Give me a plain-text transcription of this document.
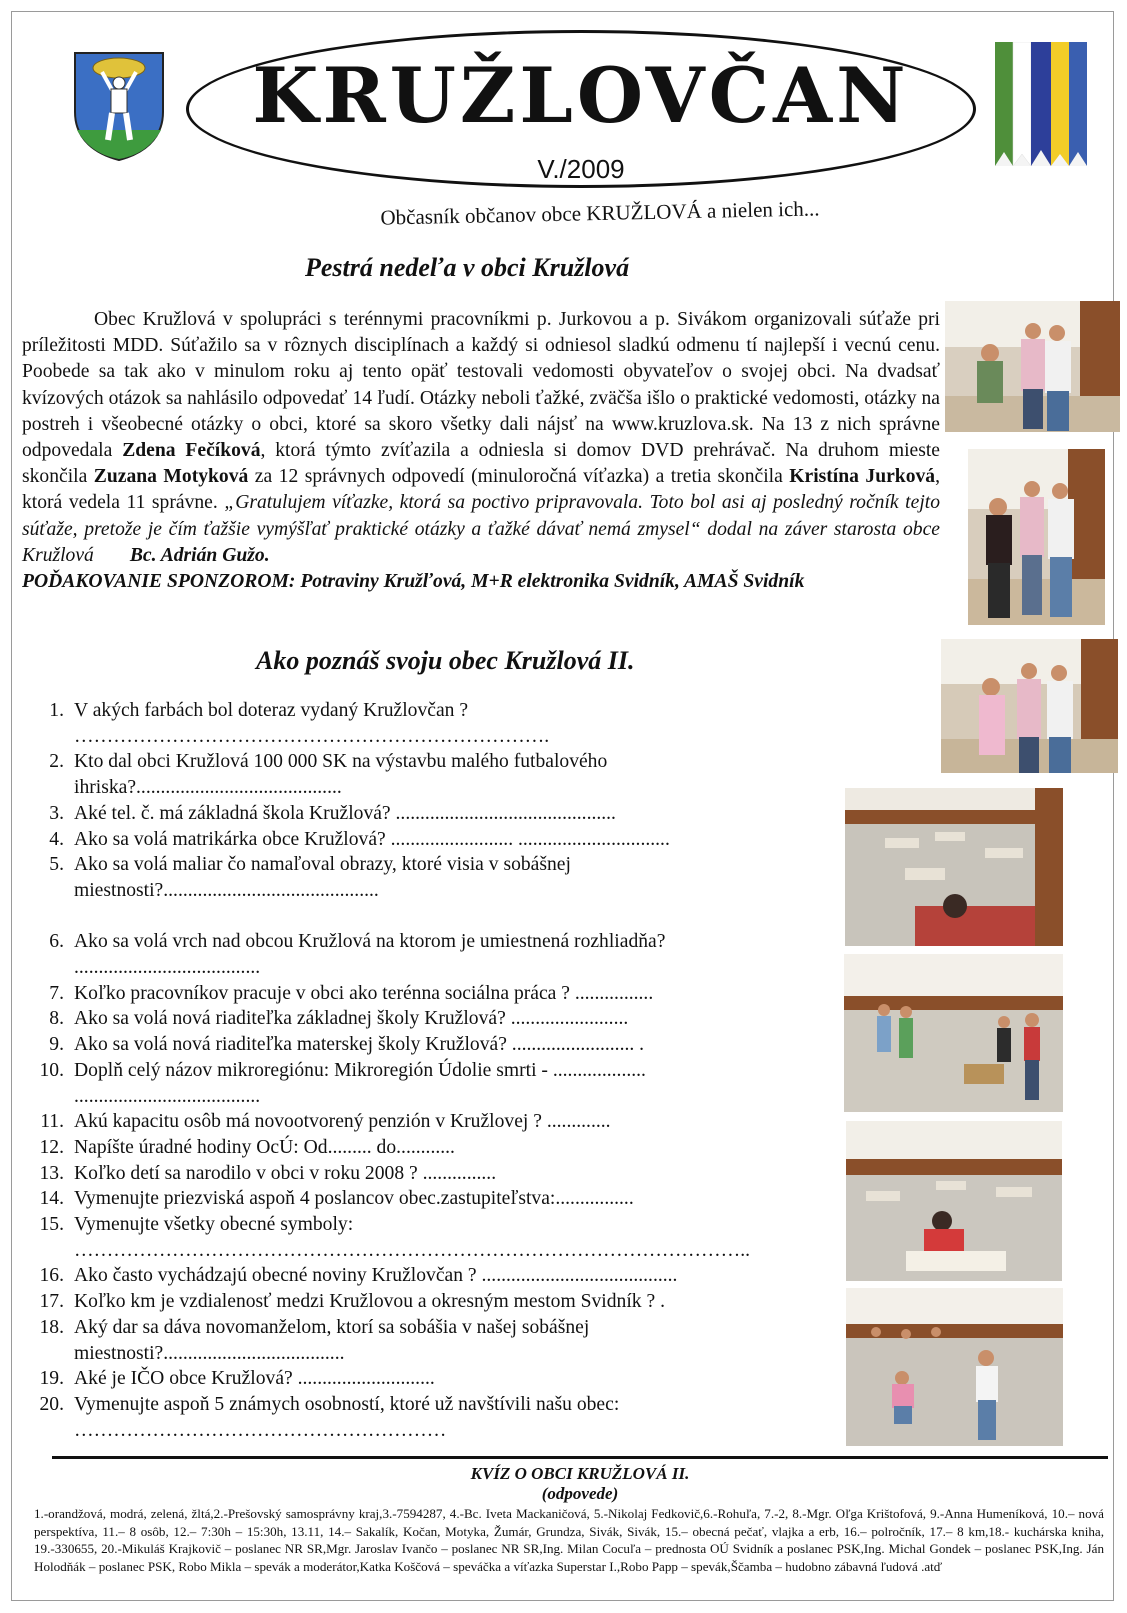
KRUŽLOVČAN
V./2009
Občasník občanov obce KRUŽLOVÁ a nielen ich...
Pestrá nedeľa v obci Kružlová

Obec Kružlová v spolupráci s terénnymi pracovníkmi p. Jurkovou a p. Sivákom organizovali súťaže pri príležitosti MDD. Súťažilo sa v rôznych disciplínach a každý si odniesol sladkú odmenu tí najlepší i vecnú cenu. Poobede sa tak ako v minulom roku aj tento opäť testovali vedomosti obyvateľov o svojej obci. Na dvadsať kvízových otázok sa nahlásilo odpovedať 14 ľudí. Otázky neboli ťažké, zväčša išlo o praktické vedomosti, otázky na postreh i všeobecné otázky o obci, ktoré sa skoro všetky dali nájsť na www.kruzlova.sk. Na 13 z nich správne odpovedala Zdena Fečíková, ktorá týmto zvíťazila a odniesla si domov DVD prehrávač. Na druhom mieste skončila Zuzana Motyková za 12 správnych odpovedí (minuloročná víťazka) a tretia skončila Kristína Jurková, ktorá vedela 11 správne. „Gratulujem víťazke, ktorá sa poctivo pripravovala. Toto bol asi aj posledný ročník tejto súťaže, pretože je čím ťažšie vymýšľať praktické otázky a ťažké dávať nemá zmysel“ dodal na záver starosta obce Kružlová Bc. Adrián Gužo.

POĎAKOVANIE SPONZOROM: Potraviny Kružľová, M+R elektronika Svidník, AMAŠ Svidník

Ako poznáš svoju obec Kružlová II.
1. V akých farbách bol doteraz vydaný Kružlovčan ?
……………………………………………………………….
2. Kto dal obci Kružlová 100 000 SK na výstavbu malého futbalového
ihriska?..........................................
3. Aké tel. č. má základná škola Kružlová? .............................................
4. Ako sa volá matrikárka obce Kružlová? ......................... ...............................
5. Ako sa volá maliar čo namaľoval obrazy, ktoré visia v sobášnej
miestnosti?............................................
6. Ako sa volá vrch nad obcou Kružlová na ktorom je umiestnená rozhliadňa?
......................................
7. Koľko pracovníkov pracuje v obci ako terénna sociálna práca ? ................
8. Ako sa volá nová riaditeľka základnej školy Kružlová? ........................
9. Ako sa volá nová riaditeľka materskej školy Kružlová? ......................... .
10. Doplň celý názov mikroregiónu: Mikroregión Údolie smrti - ...................
......................................
11. Akú kapacitu osôb má novootvorený penzión v Kružlovej ? .............
12. Napíšte úradné hodiny OcÚ: Od......... do............
13. Koľko detí sa narodilo v obci v roku 2008 ? ...............
14. Vymenujte priezviská aspoň 4 poslancov obec.zastupiteľstva:................
15. Vymenujte všetky obecné symboly:
…………………………………………………………………………………………..
16. Ako často vychádzajú obecné noviny Kružlovčan ? ........................................
17. Koľko km je vzdialenosť medzi Kružlovou a okresným mestom Svidník ? .
18. Aký dar sa dáva novomanželom, ktorí sa sobášia v našej sobášnej
miestnosti?.....................................
19. Aké je IČO obce Kružlová? ............................
20. Vymenujte aspoň 5 známych osobností, ktoré už navštívili našu obec:
…………………………………………………
KVÍZ O OBCI KRUŽLOVÁ II.
(odpovede)
1.-orandžová, modrá, zelená, žltá,2.-Prešovský samosprávny kraj,3.-7594287, 4.-Bc. Iveta Mackaničová, 5.-Nikolaj Fedkovič,6.-Rohuľa, 7.-2, 8.-Mgr. Oľga Krištofová, 9.-Anna Humeníková, 10.– nová perspektíva, 11.– 8 osôb, 12.– 7:30h – 15:30h, 13.11, 14.– Sakalík, Kočan, Motyka, Žumár, Grundza, Sivák, Sivák, 15.– obecná pečať, vlajka a erb, 16.– polročník, 17.– 8 km,18.- kuchárska kniha, 19.-330655, 20.-Mikuláš Krajkovič – poslanec NR SR,Mgr. Jaroslav Ivančo – poslanec NR SR,Ing. Milan Cocuľa – prednosta OÚ Svidník a poslanec PSK,Ing. Michal Gondek – poslanec PSK,Ing. Ján Holodňák – poslanec PSK, Robo Mikla – spevák a moderátor,Katka Koščová – speváčka a víťazka Superstar I.,Robo Papp – spevák,Ščamba – hudobno zábavná ľudová .atď
